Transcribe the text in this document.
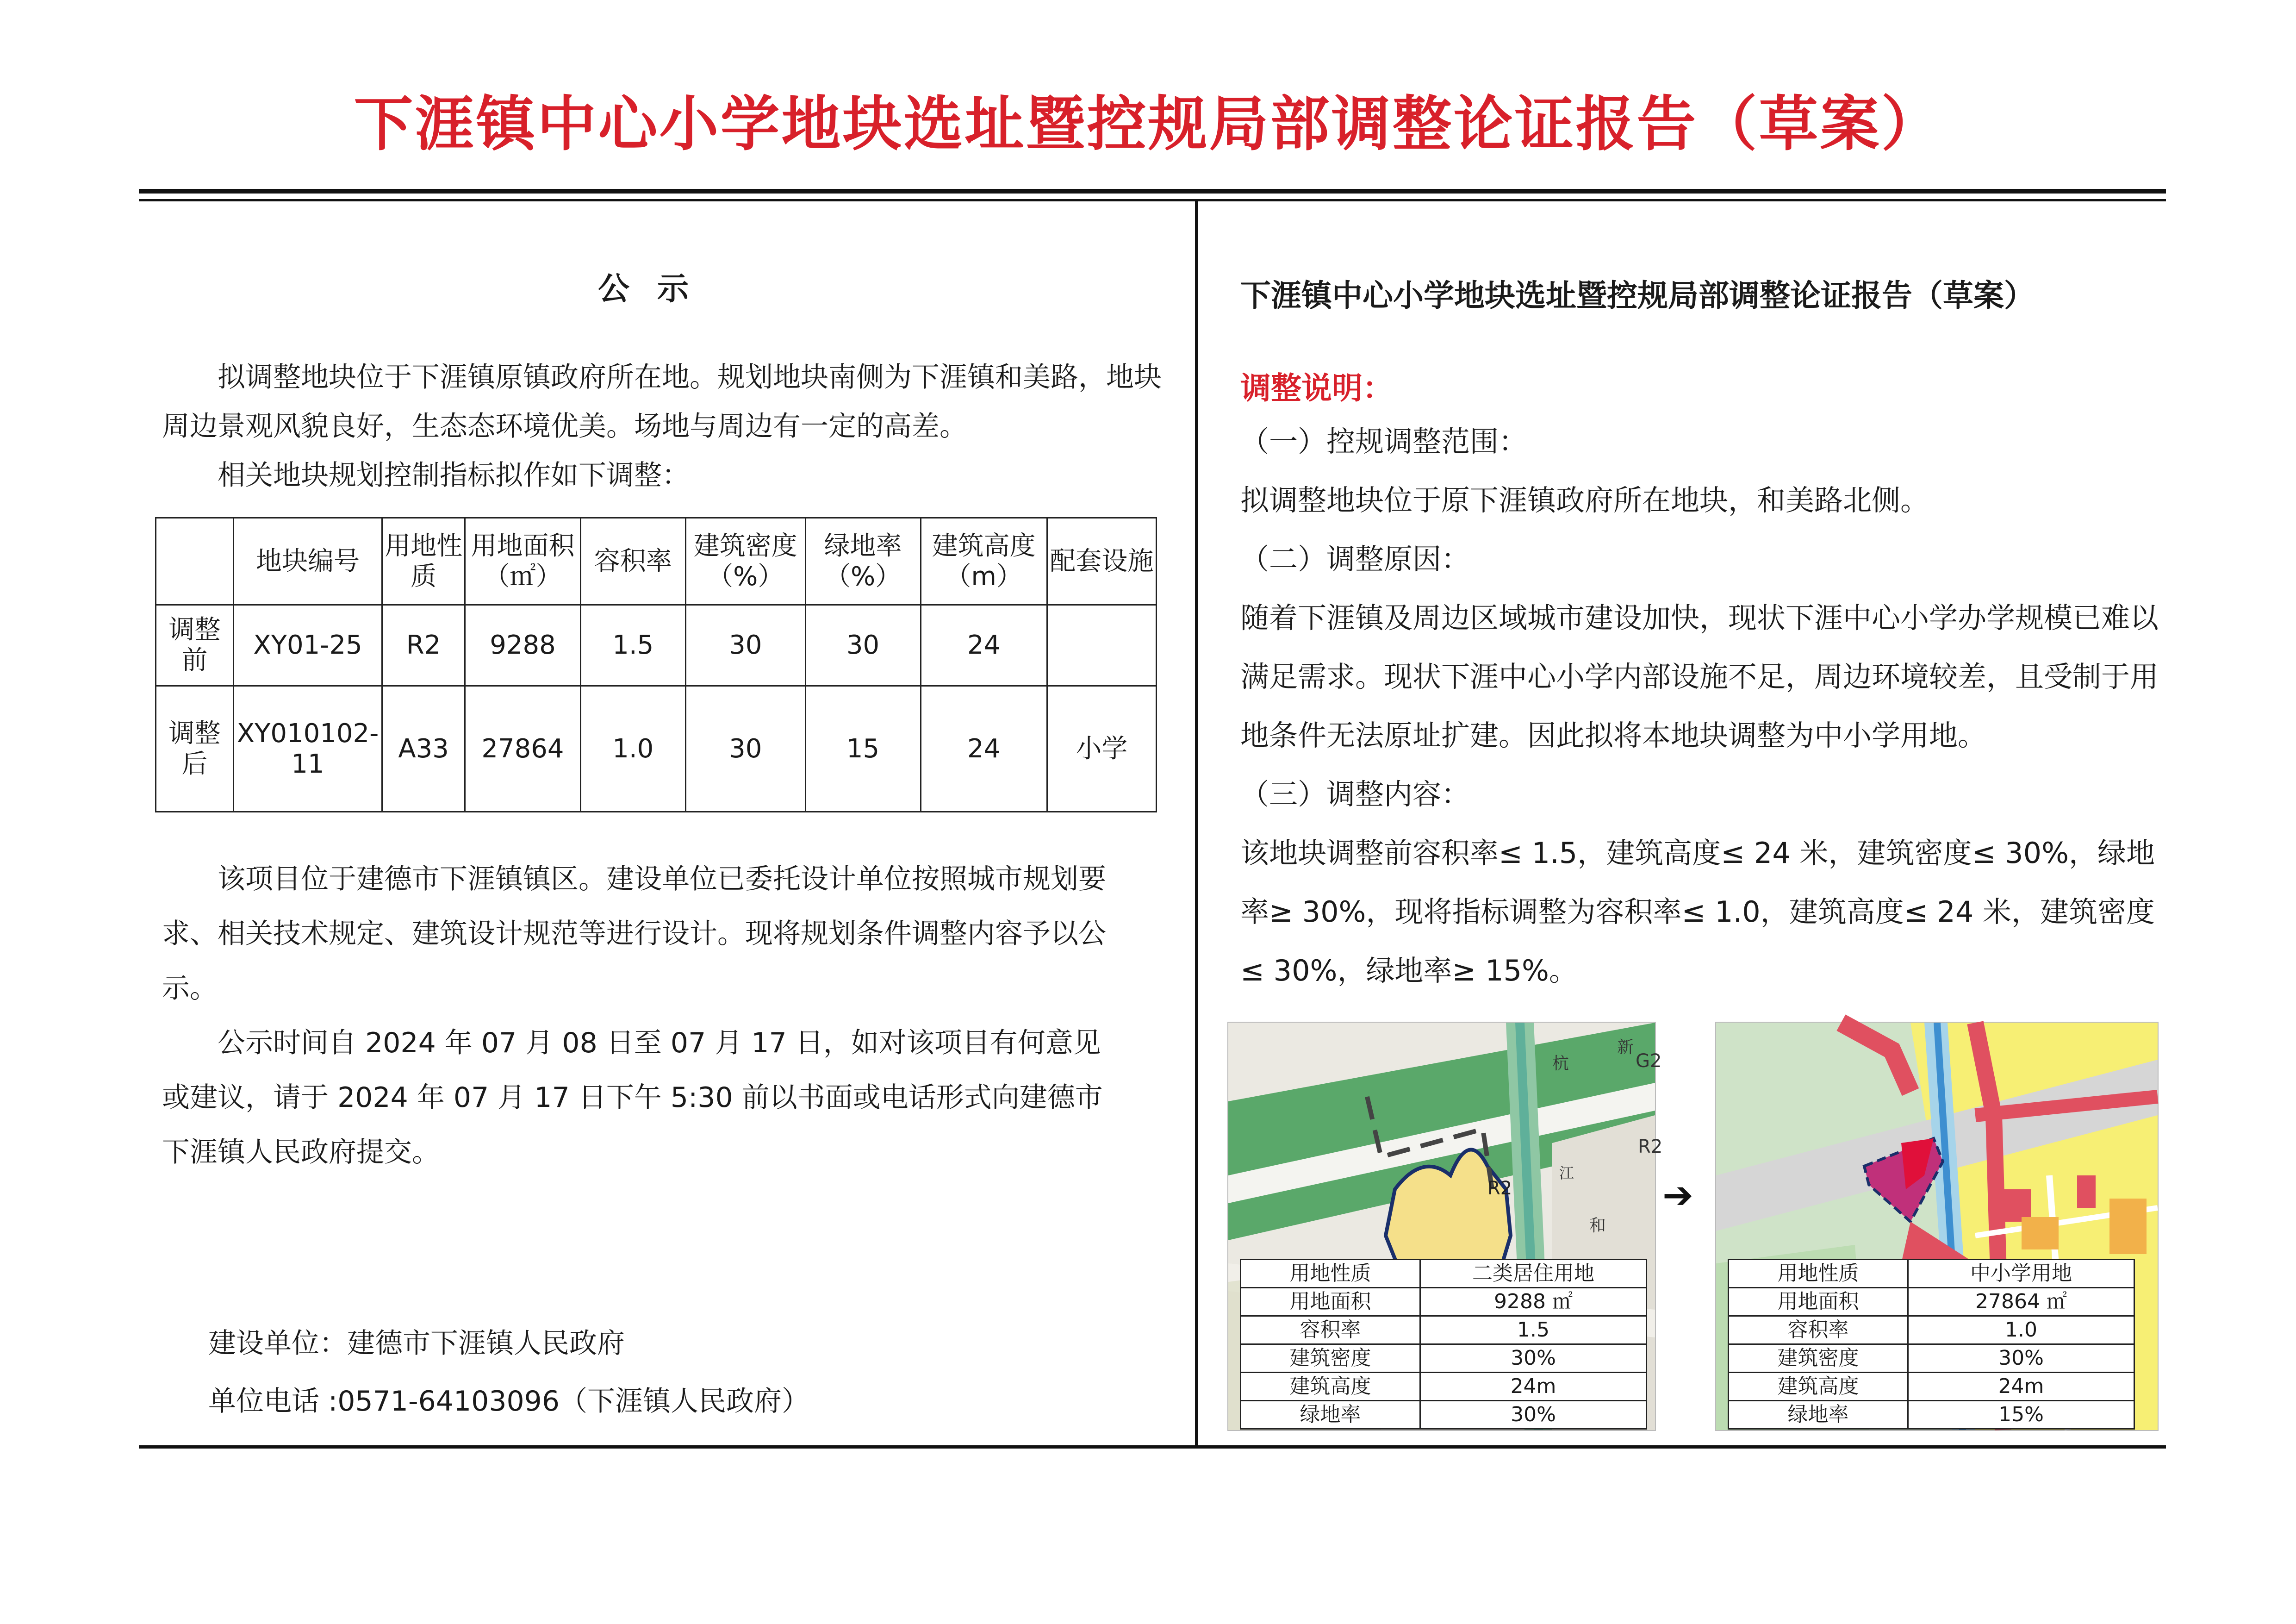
下涯镇中心小学地块选址暨控规局部调整论证报告（草案）
公示

拟调整地块位于下涯镇原镇政府所在地。规划地块南侧为下涯镇和美路，地块周边景观风貌良好，生态态环境优美。场地与周边有一定的高差。

相关地块规划控制指标拟作如下调整：

	地块编号	用地性质	用地面积（㎡）	容积率	建筑密度（%）	绿地率（%）	建筑高度（m）	配套设施
调整前	XY01-25	R2	9288	1.5	30	30	24	
调整后	XY010102-11	A33	27864	1.0	30	15	24	小学

该项目位于建德市下涯镇镇区。建设单位已委托设计单位按照城市规划要求、相关技术规定、建筑设计规范等进行设计。现将规划条件调整内容予以公示。

公示时间自 2024 年 07 月 08 日至 07 月 17 日，如对该项目有何意见或建议，请于 2024 年 07 月 17 日下午 5:30 前以书面或电话形式向建德市下涯镇人民政府提交。

建设单位：建德市下涯镇人民政府
单位电话 :0571-64103096（下涯镇人民政府）
下涯镇中心小学地块选址暨控规局部调整论证报告（草案）
调整说明：
（一）控规调整范围：
拟调整地块位于原下涯镇政府所在地块，和美路北侧。
（二）调整原因：
随着下涯镇及周边区域城市建设加快，现状下涯中心小学办学规模已难以满足需求。现状下涯中心小学内部设施不足，周边环境较差，且受制于用地条件无法原址扩建。因此拟将本地块调整为中小学用地。
（三）调整内容：
该地块调整前容积率≤ 1.5，建筑高度≤ 24 米，建筑密度≤ 30%，绿地率≥ 30%，现将指标调整为容积率≤ 1.0，建筑高度≤ 24 米，建筑密度≤ 30%，绿地率≥ 15%。
杭
新
G2
江
R2
R2
和
用地性质	二类居住用地
用地面积	9288 ㎡
容积率	1.5
建筑密度	30%
建筑高度	24m
绿地率	30%
➔
用地性质	中小学用地
用地面积	27864 ㎡
容积率	1.0
建筑密度	30%
建筑高度	24m
绿地率	15%
